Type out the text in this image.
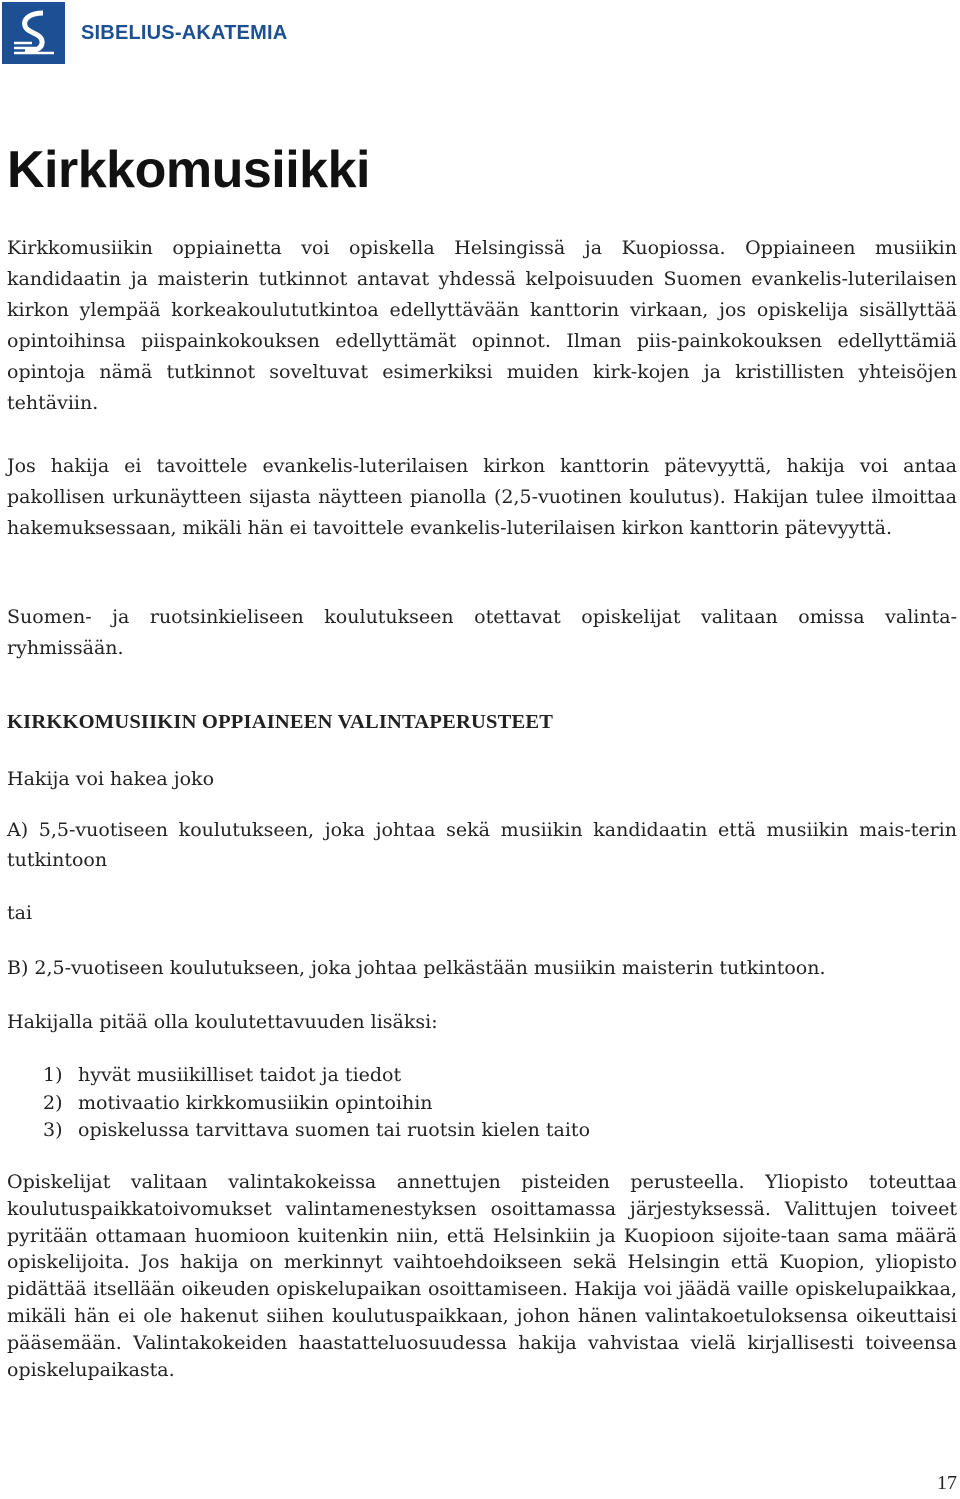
SIBELIUS-AKATEMIA
Kirkkomusiikki

Kirkkomusiikin oppiainetta voi opiskella Helsingissä ja Kuopiossa. Oppiaineen musiikin kandidaatin ja maisterin tutkinnot antavat yhdessä kelpoisuuden Suomen evankelis-luterilaisen kirkon ylempää korkeakoulututkintoa edellyttävään kanttorin virkaan, jos opiskelija sisällyttää opintoihinsa piispainkokouksen edellyttämät opinnot. Ilman piis-painkokouksen edellyttämiä opintoja nämä tutkinnot soveltuvat esimerkiksi muiden kirk-kojen ja kristillisten yhteisöjen tehtäviin.

Jos hakija ei tavoittele evankelis-luterilaisen kirkon kanttorin pätevyyttä, hakija voi antaa pakollisen urkunäytteen sijasta näytteen pianolla (2,5-vuotinen koulutus). Hakijan tulee ilmoittaa hakemuksessaan, mikäli hän ei tavoittele evankelis-luterilaisen kirkon kanttorin pätevyyttä.

Suomen- ja ruotsinkieliseen koulutukseen otettavat opiskelijat valitaan omissa valinta-ryhmissään.

KIRKKOMUSIIKIN OPPIAINEEN VALINTAPERUSTEET

Hakija voi hakea joko

A) 5,5-vuotiseen koulutukseen, joka johtaa sekä musiikin kandidaatin että musiikin mais-terin tutkintoon

tai

B) 2,5-vuotiseen koulutukseen, joka johtaa pelkästään musiikin maisterin tutkintoon.

Hakijalla pitää olla koulutettavuuden lisäksi:

1) hyvät musiikilliset taidot ja tiedot
2) motivaatio kirkkomusiikin opintoihin
3) opiskelussa tarvittava suomen tai ruotsin kielen taito

Opiskelijat valitaan valintakokeissa annettujen pisteiden perusteella. Yliopisto toteuttaa koulutuspaikkatoivomukset valintamenestyksen osoittamassa järjestyksessä. Valittujen toiveet pyritään ottamaan huomioon kuitenkin niin, että Helsinkiin ja Kuopioon sijoite-taan sama määrä opiskelijoita. Jos hakija on merkinnyt vaihtoehdoikseen sekä Helsingin että Kuopion, yliopisto pidättää itsellään oikeuden opiskelupaikan osoittamiseen. Hakija voi jäädä vaille opiskelupaikkaa, mikäli hän ei ole hakenut siihen koulutuspaikkaan, johon hänen valintakoetuloksensa oikeuttaisi pääsemään. Valintakokeiden haastatteluosuudessa hakija vahvistaa vielä kirjallisesti toiveensa opiskelupaikasta.

17
